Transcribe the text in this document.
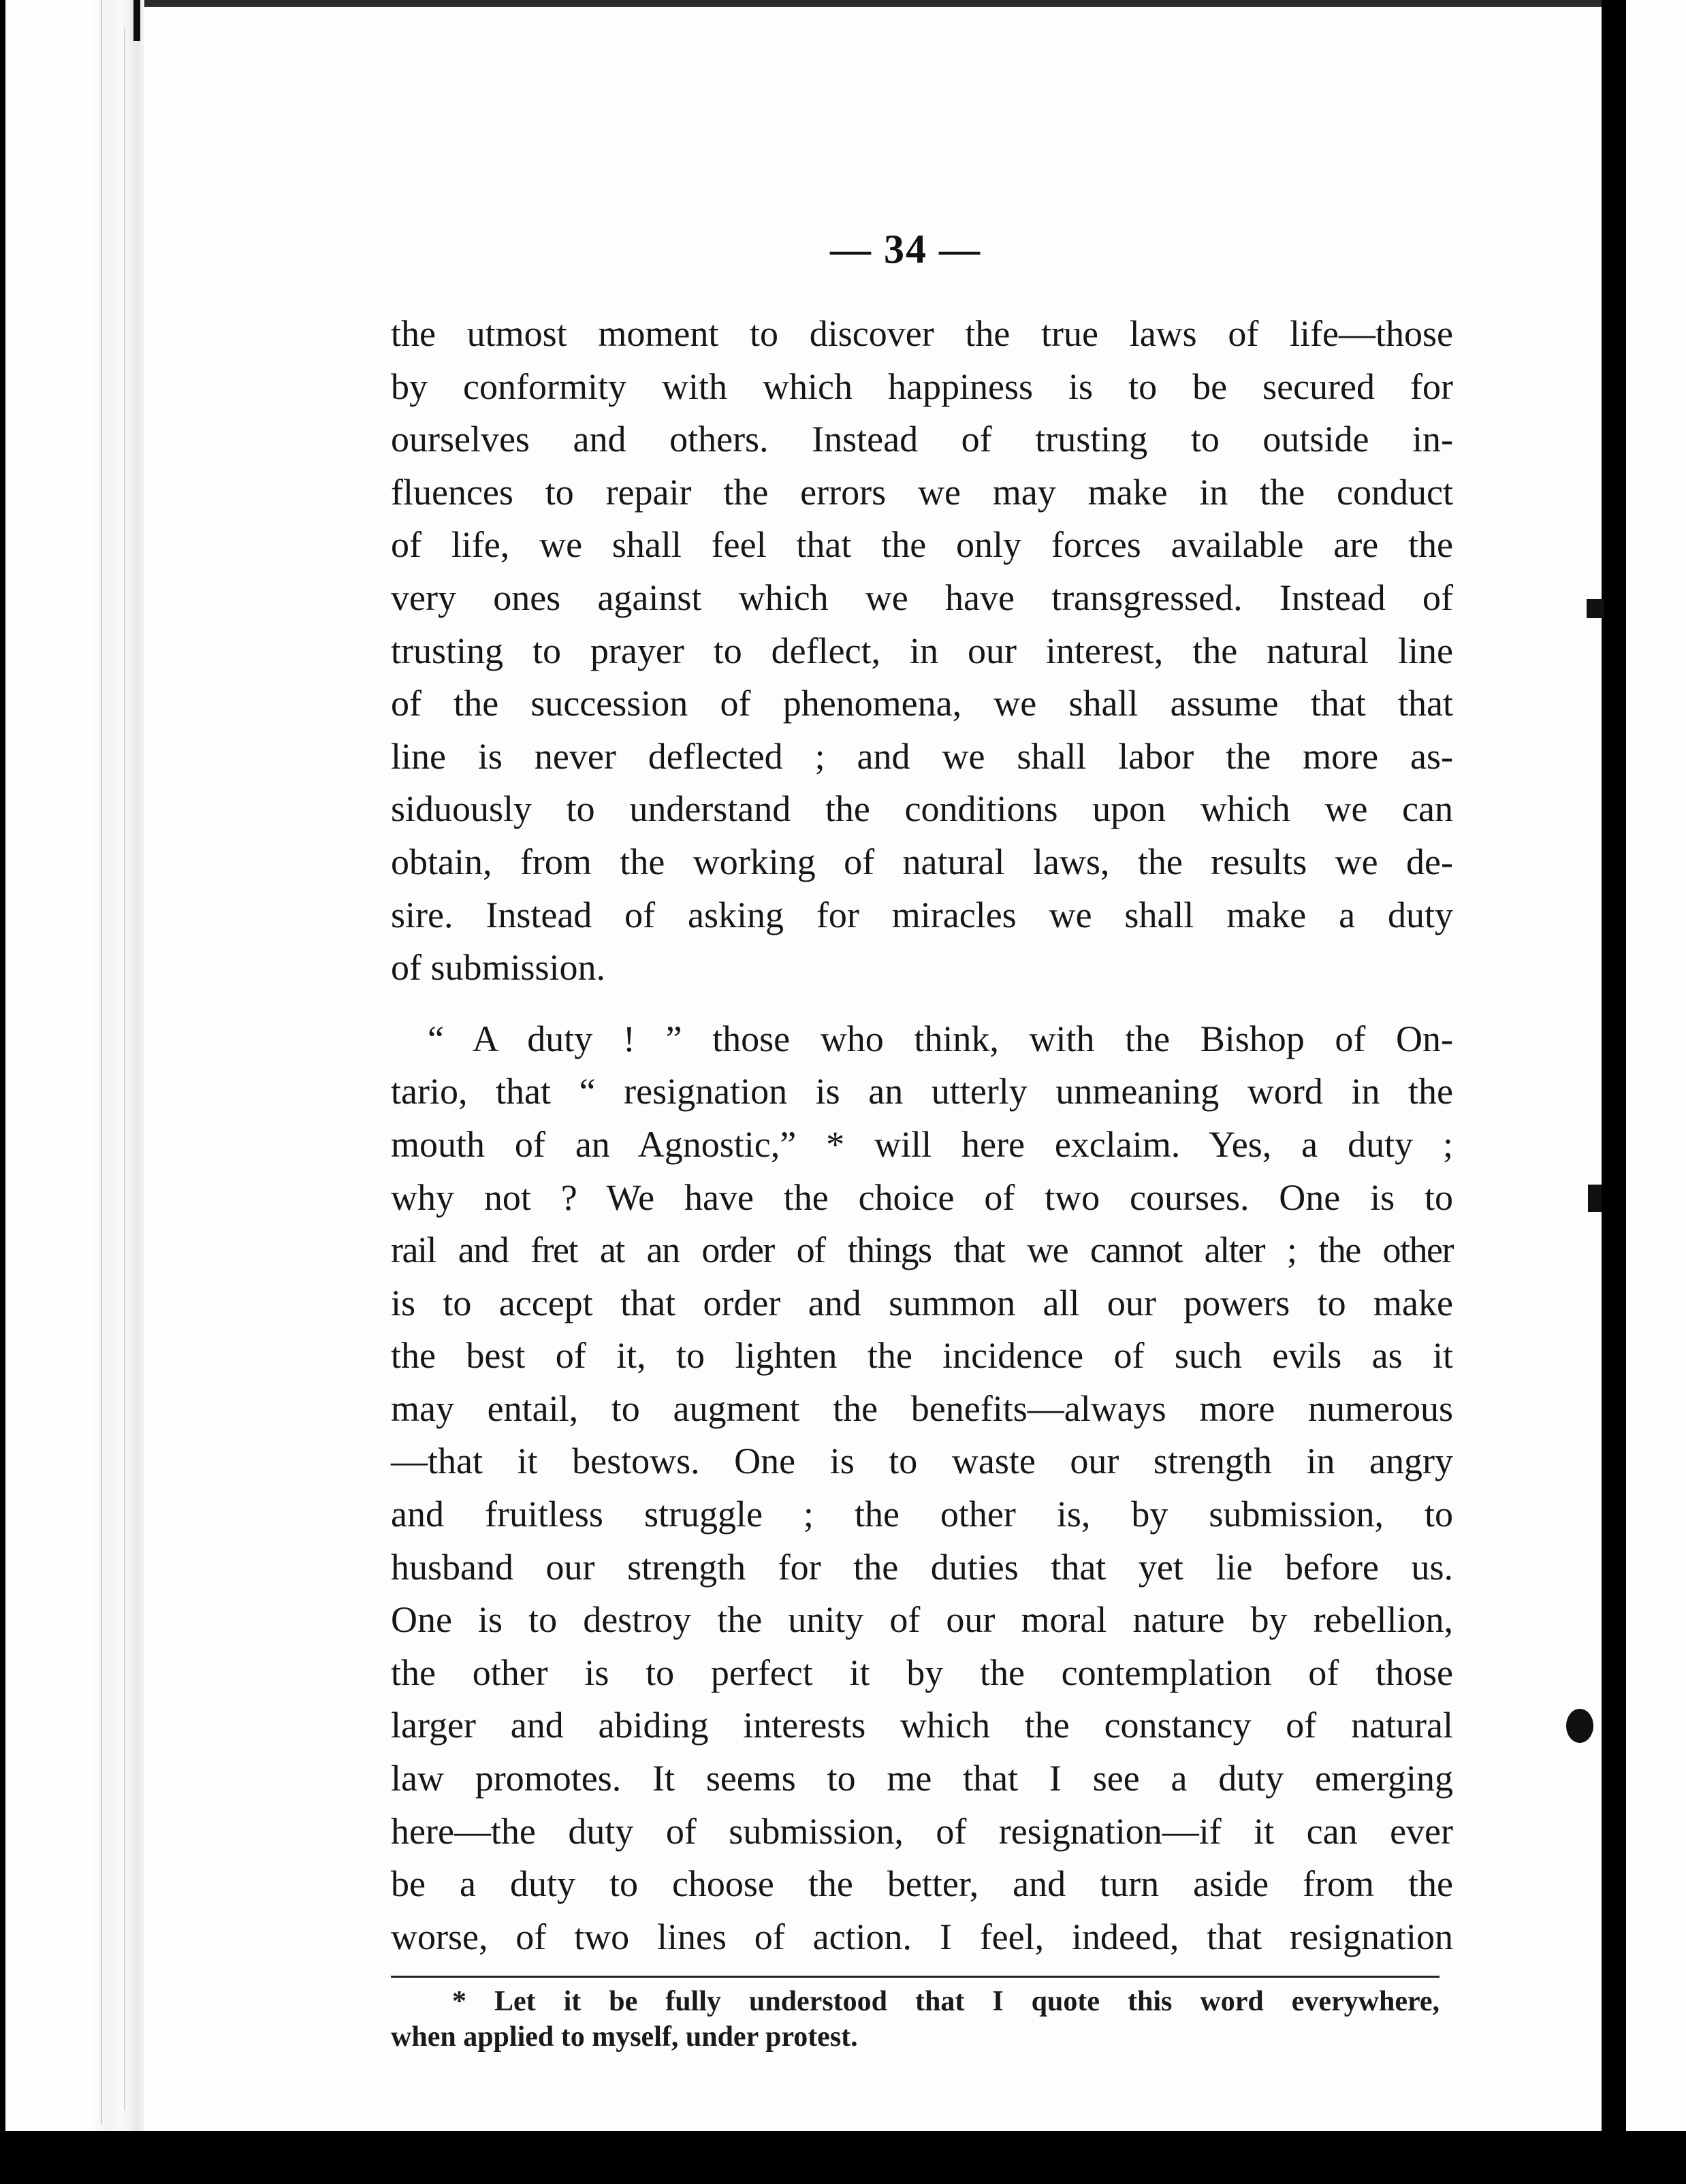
— 34 —
the utmost moment to discover the true laws of life—those
by conformity with which happiness is to be secured for
ourselves and others. Instead of trusting to outside in-
fluences to repair the errors we may make in the conduct
of life, we shall feel that the only forces available are the
very ones against which we have transgressed. Instead of
trusting to prayer to deflect, in our interest, the natural line
of the succession of phenomena, we shall assume that that
line is never deflected ; and we shall labor the more as-
siduously to understand the conditions upon which we can
obtain, from the working of natural laws, the results we de-
sire. Instead of asking for miracles we shall make a duty
of submission.
“ A duty ! ” those who think, with the Bishop of On-
tario, that “ resignation is an utterly unmeaning word in the
mouth of an Agnostic,” * will here exclaim. Yes, a duty ;
why not ? We have the choice of two courses. One is to
rail and fret at an order of things that we cannot alter ; the other
is to accept that order and summon all our powers to make
the best of it, to lighten the incidence of such evils as it
may entail, to augment the benefits—always more numerous
—that it bestows. One is to waste our strength in angry
and fruitless struggle ; the other is, by submission, to
husband our strength for the duties that yet lie before us.
One is to destroy the unity of our moral nature by rebellion,
the other is to perfect it by the contemplation of those
larger and abiding interests which the constancy of natural
law promotes. It seems to me that I see a duty emerging
here—the duty of submission, of resignation—if it can ever
be a duty to choose the better, and turn aside from the
worse, of two lines of action. I feel, indeed, that resignation
* Let it be fully understood that I quote this word everywhere,
when applied to myself, under protest.
